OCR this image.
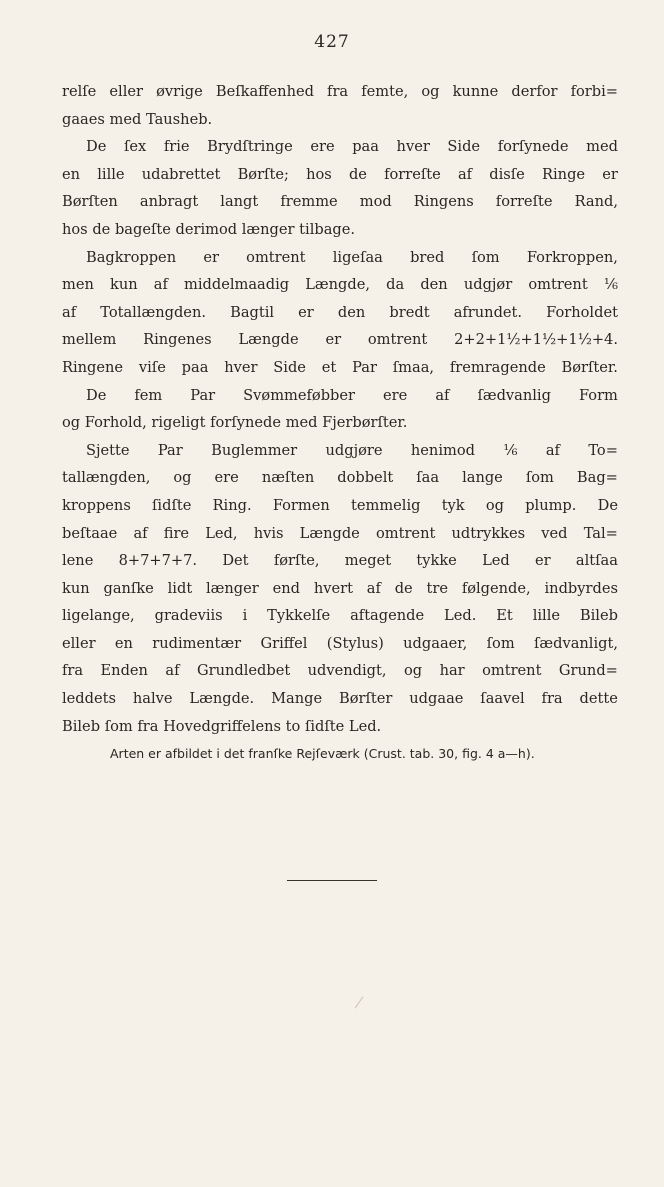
427
relſe eller øvrige Beſkaffenhed fra femte, og kunne derfor forbi=
gaaes med Tausheb.
De ſex frie Brydſtringe ere paa hver Side forſynede med
en lille udabrettet Børſte; hos de forreſte af disſe Ringe er
Børſten anbragt langt fremme mod Ringens forreſte Rand,
hos de bageſte derimod længer tilbage.
Bagkroppen er omtrent ligeſaa bred ſom Forkroppen,
men kun af middelmaadig Længde, da den udgjør omtrent ⅙
af Totallængden. Bagtil er den bredt afrundet. Forholdet
mellem Ringenes Længde er omtrent 2+2+1½+1½+1½+4.
Ringene viſe paa hver Side et Par ſmaa, fremragende Børſter.
De fem Par Svømmeføbber ere af ſædvanlig Form
og Forhold, rigeligt forſynede med Fjerbørſter.
Sjette Par Buglemmer udgjøre henimod ⅙ af To=
tallængden, og ere næſten dobbelt ſaa lange ſom Bag=
kroppens ſidſte Ring. Formen temmelig tyk og plump. De
beſtaae af fire Led, hvis Længde omtrent udtrykkes ved Tal=
lene 8+7+7+7. Det førſte, meget tykke Led er altſaa
kun ganſke lidt længer end hvert af de tre følgende, indbyrdes
ligelange, gradeviis i Tykkelſe aftagende Led. Et lille Bileb
eller en rudimentær Griffel (Stylus) udgaaer, ſom ſædvanligt,
fra Enden af Grundledbet udvendigt, og har omtrent Grund=
leddets halve Længde. Mange Børſter udgaae ſaavel fra dette
Bileb ſom fra Hovedgriffelens to ſidſte Led.
Arten er afbildet i det franſke Rejſeværk (Crust. tab. 30, fig. 4 a—h).
